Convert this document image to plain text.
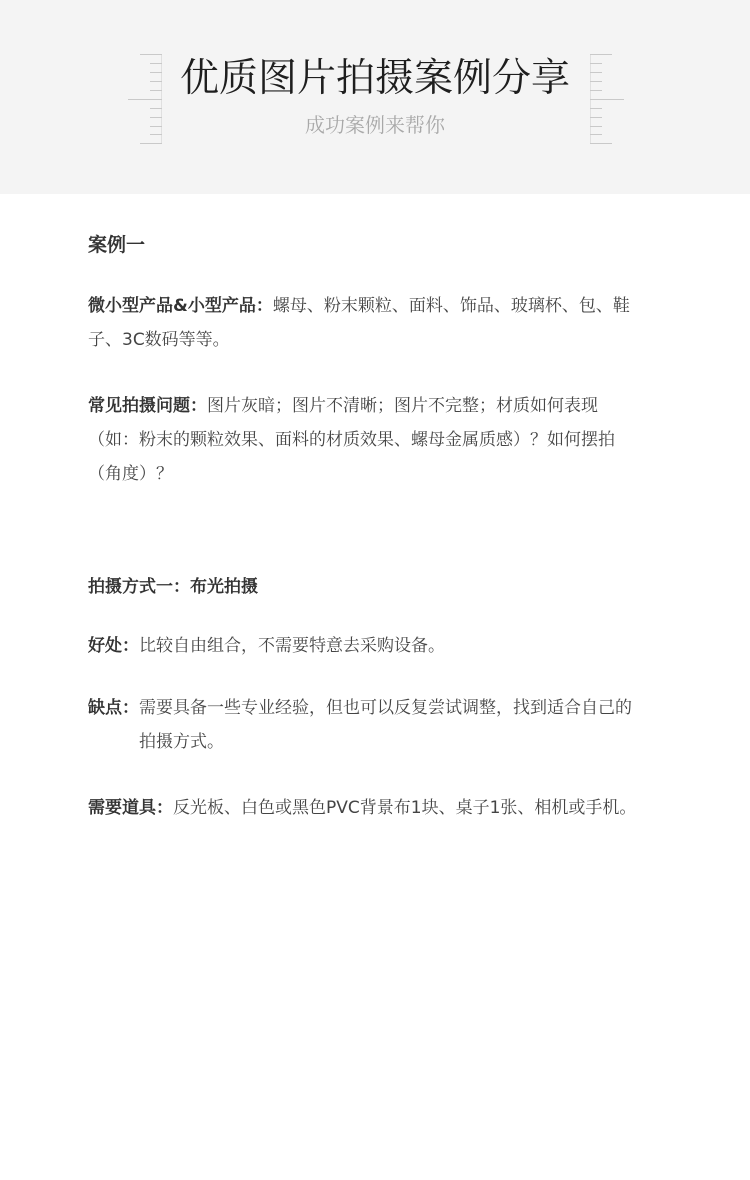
优质图片拍摄案例分享
成功案例来帮你
案例一
微小型产品&小型产品：螺母、粉末颗粒、面料、饰品、玻璃杯、包、鞋子、3C数码等等。
常见拍摄问题：图片灰暗；图片不清晰；图片不完整；材质如何表现（如：粉末的颗粒效果、面料的材质效果、螺母金属质感）？如何摆拍（角度）？
拍摄方式一：布光拍摄
好处： 比较自由组合，不需要特意去采购设备。
缺点： 需要具备一些专业经验，但也可以反复尝试调整，找到适合自己的拍摄方式。
需要道具： 反光板、白色或黑色PVC背景布1块、桌子1张、相机或手机。
